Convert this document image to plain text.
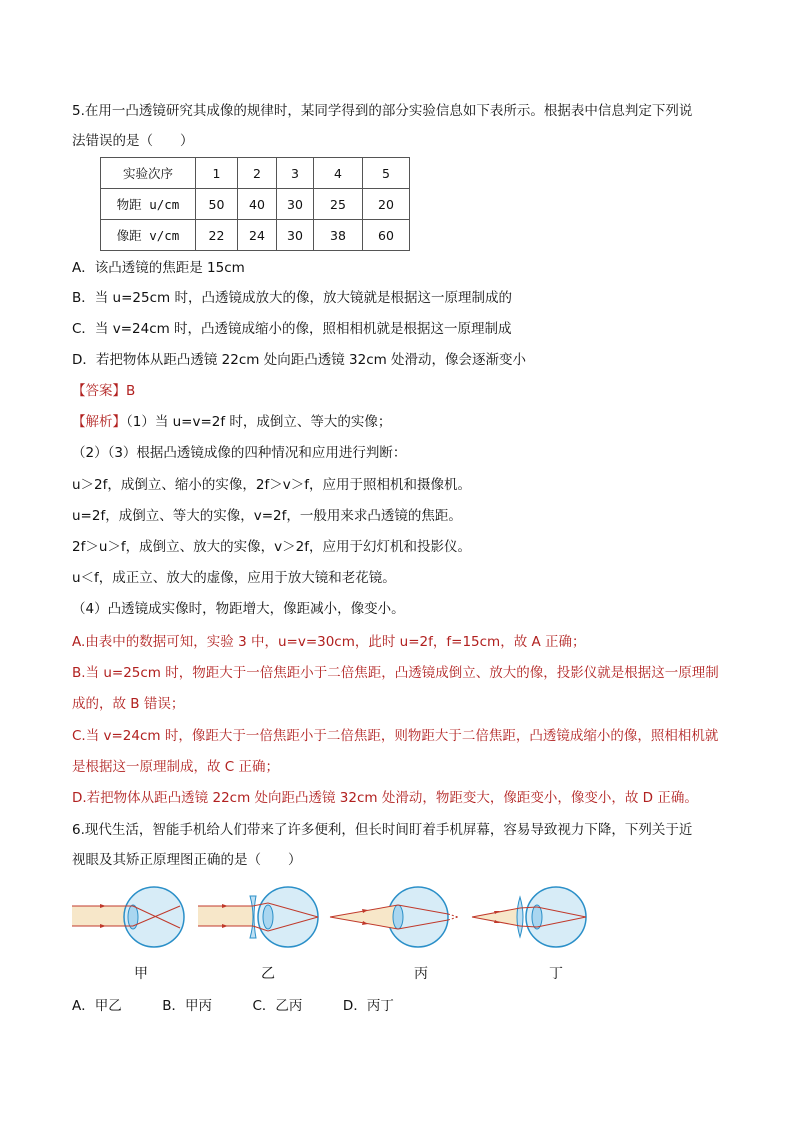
5.在用一凸透镜研究其成像的规律时，某同学得到的部分实验信息如下表所示。根据表中信息判定下列说
法错误的是（　　）
实验次序	1	2	3	4	5
物距 u/cm	50	40	30	25	20
像距 v/cm	22	24	30	38	60
A．该凸透镜的焦距是 15cm
B．当 u=25cm 时，凸透镜成放大的像，放大镜就是根据这一原理制成的
C．当 v=24cm 时，凸透镜成缩小的像，照相相机就是根据这一原理制成
D．若把物体从距凸透镜 22cm 处向距凸透镜 32cm 处滑动，像会逐渐变小
【答案】B
【解析】（1）当 u=v=2f 时，成倒立、等大的实像；
（2）（3）根据凸透镜成像的四种情况和应用进行判断：
u＞2f，成倒立、缩小的实像，2f＞v＞f，应用于照相机和摄像机。
u=2f，成倒立、等大的实像，v=2f，一般用来求凸透镜的焦距。
2f＞u＞f，成倒立、放大的实像，v＞2f，应用于幻灯机和投影仪。
u＜f，成正立、放大的虚像，应用于放大镜和老花镜。
（4）凸透镜成实像时，物距增大，像距减小，像变小。
A.由表中的数据可知，实验 3 中，u=v=30cm，此时 u=2f，f=15cm，故 A 正确；
B.当 u=25cm 时，物距大于一倍焦距小于二倍焦距，凸透镜成倒立、放大的像，投影仪就是根据这一原理制
成的，故 B 错误；
C.当 v=24cm 时，像距大于一倍焦距小于二倍焦距，则物距大于二倍焦距，凸透镜成缩小的像，照相相机就
是根据这一原理制成，故 C 正确；
D.若把物体从距凸透镜 22cm 处向距凸透镜 32cm 处滑动，物距变大，像距变小，像变小，故 D 正确。
6.现代生活，智能手机给人们带来了许多便利，但长时间盯着手机屏幕，容易导致视力下降，下列关于近
视眼及其矫正原理图正确的是（　　）
甲	乙	丙	丁
A．甲乙　　　B．甲丙　　　C．乙丙　　　D．丙丁
